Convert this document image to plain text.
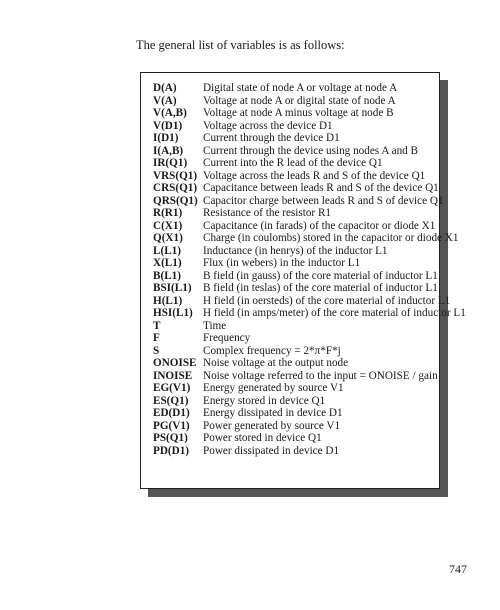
The general list of variables is as follows:
D(A) Digital state of node A or voltage at node A
V(A) Voltage at node A or digital state of node A
V(A,B) Voltage at node A minus voltage at node B
V(D1) Voltage across the device D1
I(D1) Current through the device D1
I(A,B) Current through the device using nodes A and B
IR(Q1) Current into the R lead of the device Q1
VRS(Q1) Voltage across the leads R and S of the device Q1
CRS(Q1) Capacitance between leads R and S of the device Q1
QRS(Q1) Capacitor charge between leads R and S of device Q1
R(R1) Resistance of the resistor R1
C(X1) Capacitance (in farads) of the capacitor or diode X1
Q(X1) Charge (in coulombs) stored in the capacitor or diode X1
L(L1) Inductance (in henrys) of the inductor L1
X(L1) Flux (in webers) in the inductor L1
B(L1) B field (in gauss) of the core material of inductor L1
BSI(L1) B field (in teslas) of the core material of inductor L1
H(L1) H field (in oersteds) of the core material of inductor L1
HSI(L1) H field (in amps/meter) of the core material of inductor L1
T	Time
F	Frequency
S	Complex frequency = 2*π*F*j
ONOISE Noise voltage at the output node
INOISE Noise voltage referred to the input = ONOISE / gain
EG(V1) Energy generated by source V1
ES(Q1) Energy stored in device Q1
ED(D1) Energy dissipated in device D1
PG(V1) Power generated by source V1
PS(Q1) Power stored in device Q1
PD(D1) Power dissipated in device D1
747
